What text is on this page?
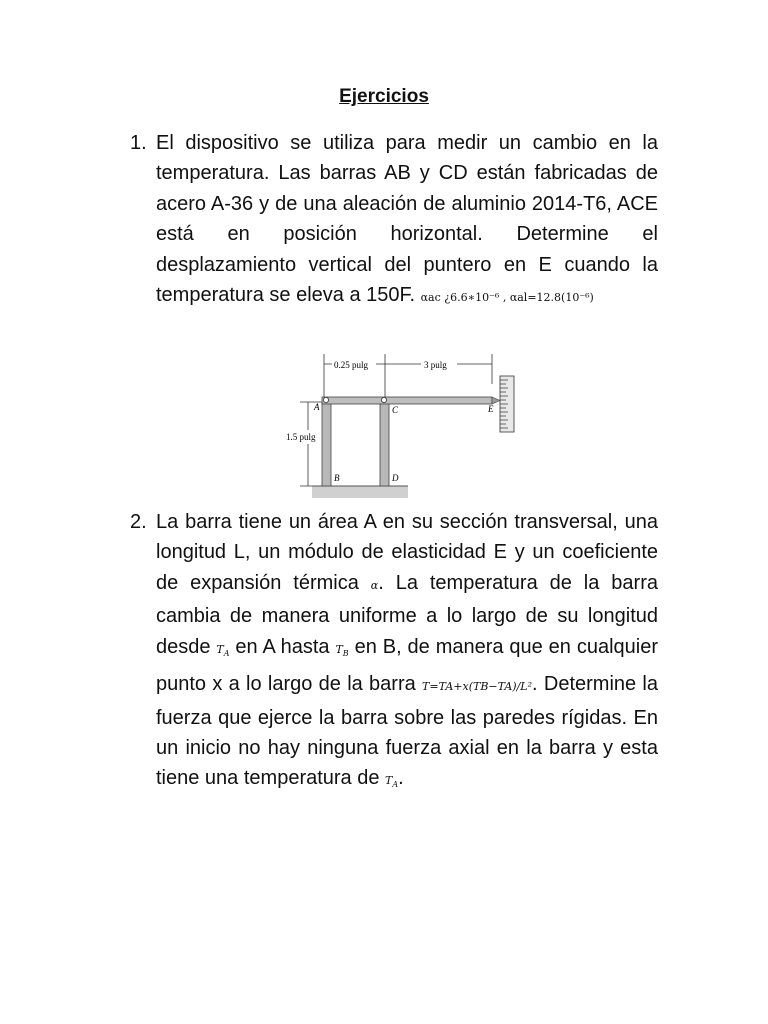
Ejercicios
1. El dispositivo se utiliza para medir un cambio en la temperatura. Las barras AB y CD están fabricadas de acero A-36 y de una aleación de aluminio 2014-T6, ACE está en posición horizontal. Determine el desplazamiento vertical del puntero en E cuando la temperatura se eleva a 150F. αac ¿6.6∗10⁻⁶ , αal=12.8(10⁻⁶)
0.25 pulg	3 pulg
1.5 pulg
A
B
C
D
E
2. La barra tiene un área A en su sección transversal, una longitud L, un módulo de elasticidad E y un coeficiente de expansión térmica α. La temperatura de la barra cambia de manera uniforme a lo largo de su longitud desde $T_A$ en A hasta $T_B$ en B, de manera que en cualquier punto x a lo largo de la barra T=TA+x(TB−TA)/L². Determine la fuerza que ejerce la barra sobre las paredes rígidas. En un inicio no hay ninguna fuerza axial en la barra y esta tiene una temperatura de $T_A$.
